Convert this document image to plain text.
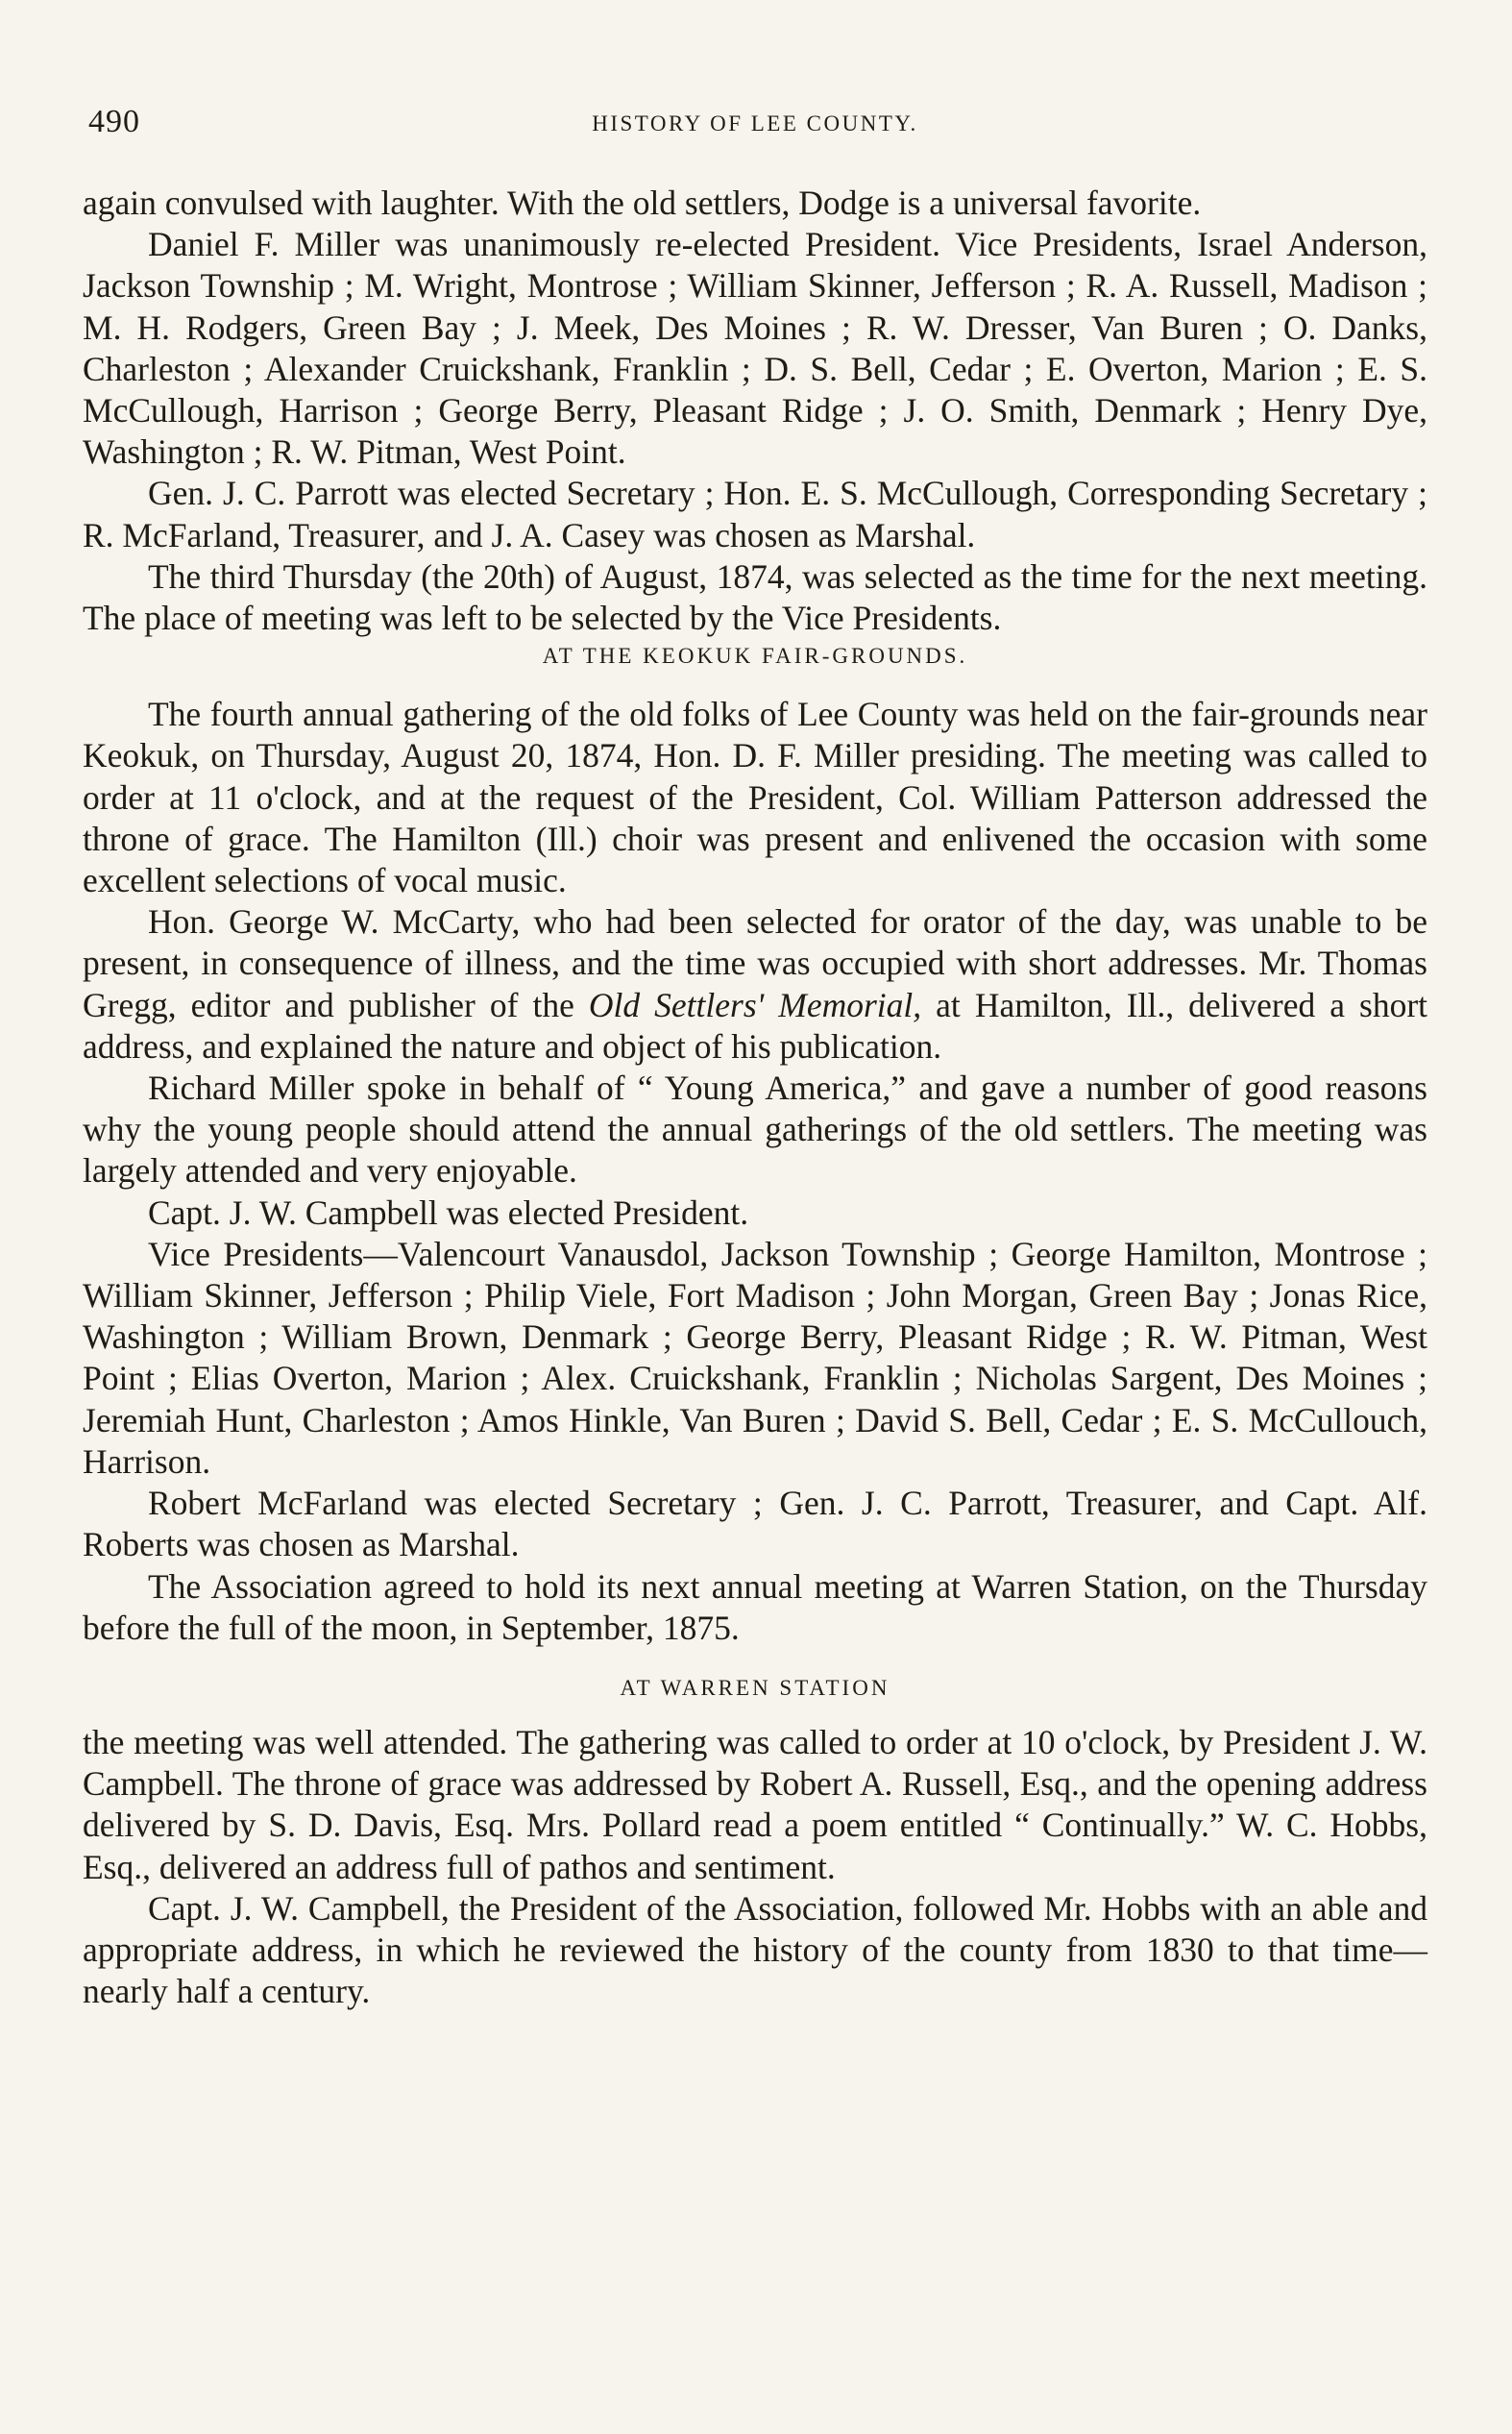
490	HISTORY OF LEE COUNTY.

again convulsed with laughter. With the old settlers, Dodge is a universal favorite.

Daniel F. Miller was unanimously re-elected President. Vice Presidents, Israel Anderson, Jackson Township ; M. Wright, Montrose ; William Skinner, Jefferson ; R. A. Russell, Madison ; M. H. Rodgers, Green Bay ; J. Meek, Des Moines ; R. W. Dresser, Van Buren ; O. Danks, Charleston ; Alexander Cruickshank, Franklin ; D. S. Bell, Cedar ; E. Overton, Marion ; E. S. McCullough, Harrison ; George Berry, Pleasant Ridge ; J. O. Smith, Denmark ; Henry Dye, Washington ; R. W. Pitman, West Point.

Gen. J. C. Parrott was elected Secretary ; Hon. E. S. McCullough, Corresponding Secretary ; R. McFarland, Treasurer, and J. A. Casey was chosen as Marshal.

The third Thursday (the 20th) of August, 1874, was selected as the time for the next meeting. The place of meeting was left to be selected by the Vice Presidents.

AT THE KEOKUK FAIR-GROUNDS.

The fourth annual gathering of the old folks of Lee County was held on the fair-grounds near Keokuk, on Thursday, August 20, 1874, Hon. D. F. Miller presiding. The meeting was called to order at 11 o'clock, and at the request of the President, Col. William Patterson addressed the throne of grace. The Hamilton (Ill.) choir was present and enlivened the occasion with some excellent selections of vocal music.

Hon. George W. McCarty, who had been selected for orator of the day, was unable to be present, in consequence of illness, and the time was occupied with short addresses. Mr. Thomas Gregg, editor and publisher of the Old Settlers' Memorial, at Hamilton, Ill., delivered a short address, and explained the nature and object of his publication.

Richard Miller spoke in behalf of “ Young America,” and gave a number of good reasons why the young people should attend the annual gatherings of the old settlers. The meeting was largely attended and very enjoyable.

Capt. J. W. Campbell was elected President.

Vice Presidents—Valencourt Vanausdol, Jackson Township ; George Hamilton, Montrose ; William Skinner, Jefferson ; Philip Viele, Fort Madison ; John Morgan, Green Bay ; Jonas Rice, Washington ; William Brown, Denmark ; George Berry, Pleasant Ridge ; R. W. Pitman, West Point ; Elias Overton, Marion ; Alex. Cruickshank, Franklin ; Nicholas Sargent, Des Moines ; Jeremiah Hunt, Charleston ; Amos Hinkle, Van Buren ; David S. Bell, Cedar ; E. S. McCullouch, Harrison.

Robert McFarland was elected Secretary ; Gen. J. C. Parrott, Treasurer, and Capt. Alf. Roberts was chosen as Marshal.

The Association agreed to hold its next annual meeting at Warren Station, on the Thursday before the full of the moon, in September, 1875.

AT WARREN STATION

the meeting was well attended. The gathering was called to order at 10 o'clock, by President J. W. Campbell. The throne of grace was addressed by Robert A. Russell, Esq., and the opening address delivered by S. D. Davis, Esq. Mrs. Pollard read a poem entitled “ Continually.” W. C. Hobbs, Esq., delivered an address full of pathos and sentiment.

Capt. J. W. Campbell, the President of the Association, followed Mr. Hobbs with an able and appropriate address, in which he reviewed the history of the county from 1830 to that time—nearly half a century.
